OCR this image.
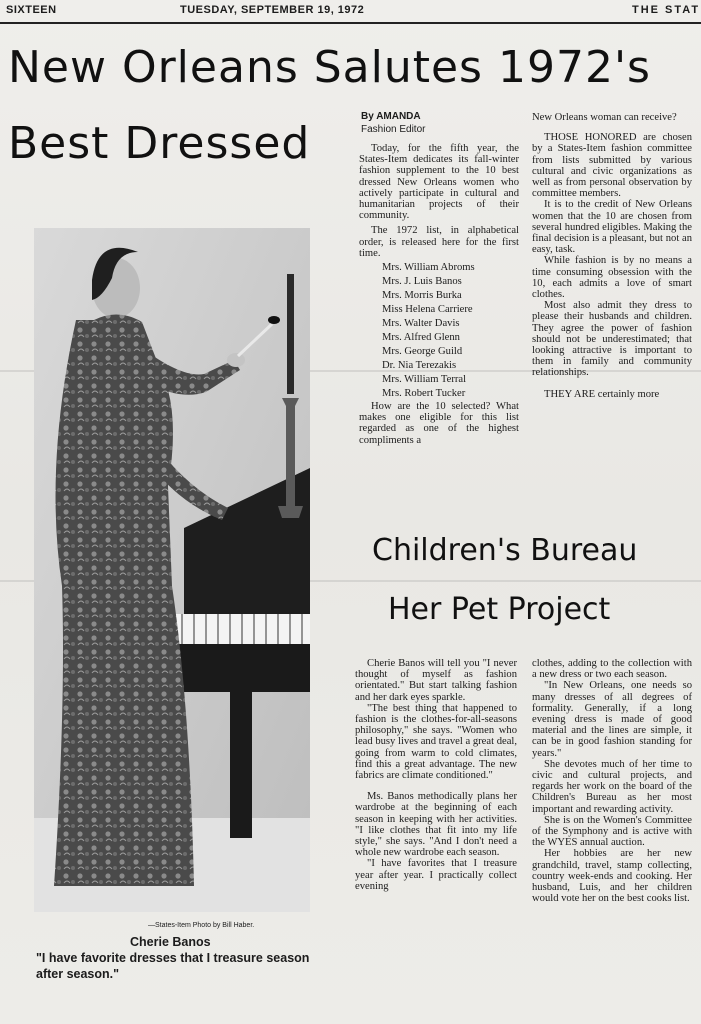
SIXTEEN	TUESDAY, SEPTEMBER 19, 1972	THE STAT
New Orleans Salutes 1972's
Best Dressed
By AMANDA
Fashion Editor

Today, for the fifth year, the States-Item dedicates its fall-winter fashion supplement to the 10 best dressed New Orleans women who actively participate in cultural and humanitarian projects of their community.

The 1972 list, in alphabetical order, is released here for the first time.

Mrs. William Abroms
Mrs. J. Luis Banos
Mrs. Morris Burka
Miss Helena Carriere
Mrs. Walter Davis
Mrs. Alfred Glenn
Mrs. George Guild
Dr. Nia Terezakis
Mrs. William Terral
Mrs. Robert Tucker

How are the 10 selected? What makes one eligible for this list regarded as one of the highest compliments a

New Orleans woman can receive?

THOSE HONORED are chosen by a States-Item fashion committee from lists submitted by various cultural and civic organizations as well as from personal observation by committee members.

It is to the credit of New Orleans women that the 10 are chosen from several hundred eligibles. Making the final decision is a pleasant, but not an easy, task.

While fashion is by no means a time consuming obsession with the 10, each admits a love of smart clothes.

Most also admit they dress to please their husbands and children. They agree the power of fashion should not be underestimated; that looking attractive is important to them in family and community relationships.

THEY ARE certainly more

Children's Bureau
Her Pet Project

Cherie Banos will tell you "I never thought of myself as fashion orientated." But start talking fashion and her dark eyes sparkle.

"The best thing that happened to fashion is the clothes-for-all-seasons philosophy," she says. "Women who lead busy lives and travel a great deal, going from warm to cold climates, find this a great advantage. The new fabrics are climate conditioned."

Ms. Banos methodically plans her wardrobe at the beginning of each season in keeping with her activities. "I like clothes that fit into my life style," she says. "And I don't need a whole new wardrobe each season.

"I have favorites that I treasure year after year. I practically collect evening

clothes, adding to the collection with a new dress or two each season.

"In New Orleans, one needs so many dresses of all degrees of formality. Generally, if a long evening dress is made of good material and the lines are simple, it can be in good fashion standing for years."

She devotes much of her time to civic and cultural projects, and regards her work on the board of the Children's Bureau as her most important and rewarding activity.

She is on the Women's Committee of the Symphony and is active with the WYES annual auction.

Her hobbies are her new grandchild, travel, stamp collecting, country week-ends and cooking. Her husband, Luis, and her children would vote her on the best cooks list.

—States-Item Photo by Bill Haber.
Cherie Banos
"I have favorite dresses that I treasure season after season."
